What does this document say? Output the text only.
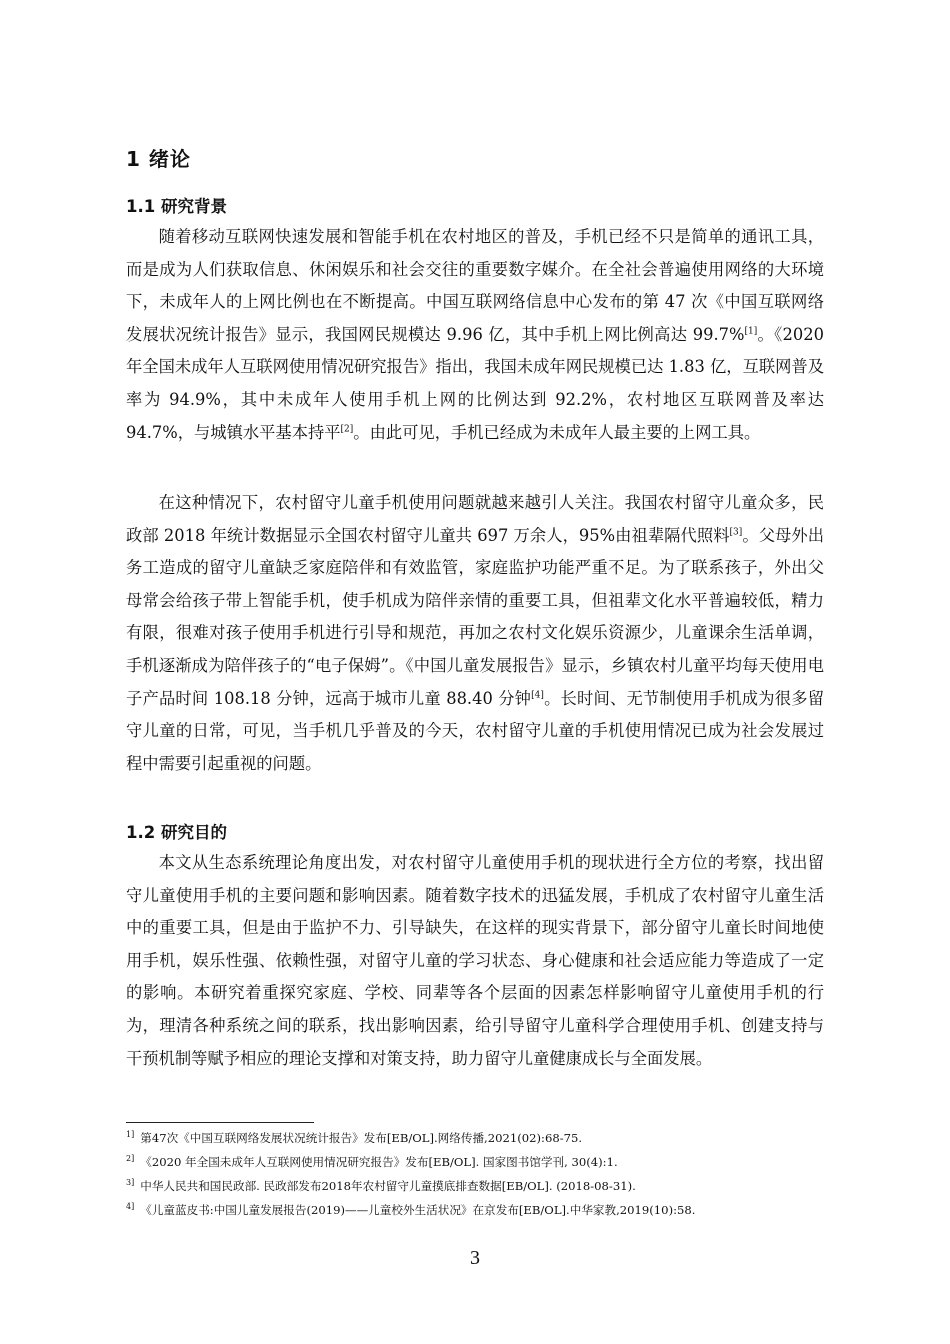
1 绪论
1.1 研究背景

随着移动互联网快速发展和智能手机在农村地区的普及，手机已经不只是简单的通讯工具，而是成为人们获取信息、休闲娱乐和社会交往的重要数字媒介。在全社会普遍使用网络的大环境下，未成年人的上网比例也在不断提高。中国互联网络信息中心发布的第 47 次《中国互联网络发展状况统计报告》显示，我国网民规模达 9.96 亿，其中手机上网比例高达 99.7%[1]。《2020 年全国未成年人互联网使用情况研究报告》指出，我国未成年网民规模已达 1.83 亿，互联网普及率为 94.9%，其中未成年人使用手机上网的比例达到 92.2%，农村地区互联网普及率达 94.7%，与城镇水平基本持平[2]。由此可见，手机已经成为未成年人最主要的上网工具。

在这种情况下，农村留守儿童手机使用问题就越来越引人关注。我国农村留守儿童众多，民政部 2018 年统计数据显示全国农村留守儿童共 697 万余人，95%由祖辈隔代照料[3]。父母外出务工造成的留守儿童缺乏家庭陪伴和有效监管，家庭监护功能严重不足。为了联系孩子，外出父母常会给孩子带上智能手机，使手机成为陪伴亲情的重要工具，但祖辈文化水平普遍较低，精力有限，很难对孩子使用手机进行引导和规范，再加之农村文化娱乐资源少，儿童课余生活单调，手机逐渐成为陪伴孩子的“电子保姆”。《中国儿童发展报告》显示，乡镇农村儿童平均每天使用电子产品时间 108.18 分钟，远高于城市儿童 88.40 分钟[4]。长时间、无节制使用手机成为很多留守儿童的日常，可见，当手机几乎普及的今天，农村留守儿童的手机使用情况已成为社会发展过程中需要引起重视的问题。

1.2 研究目的

本文从生态系统理论角度出发，对农村留守儿童使用手机的现状进行全方位的考察，找出留守儿童使用手机的主要问题和影响因素。随着数字技术的迅猛发展，手机成了农村留守儿童生活中的重要工具，但是由于监护不力、引导缺失，在这样的现实背景下，部分留守儿童长时间地使用手机，娱乐性强、依赖性强，对留守儿童的学习状态、身心健康和社会适应能力等造成了一定的影响。本研究着重探究家庭、学校、同辈等各个层面的因素怎样影响留守儿童使用手机的行为，理清各种系统之间的联系，找出影响因素，给引导留守儿童科学合理使用手机、创建支持与干预机制等赋予相应的理论支撑和对策支持，助力留守儿童健康成长与全面发展。

$^{1]}$ 第47次《中国互联网络发展状况统计报告》发布[EB/OL].网络传播,2021(02):68-75.
$^{2]}$ 《2020 年全国未成年人互联网使用情况研究报告》发布[EB/OL]. 国家图书馆学刊, 30(4):1.
$^{3]}$ 中华人民共和国民政部. 民政部发布2018年农村留守儿童摸底排查数据[EB/OL]. (2018-08-31).
$^{4]}$ 《儿童蓝皮书:中国儿童发展报告(2019)——儿童校外生活状况》在京发布[EB/OL].中华家教,2019(10):58.
3
